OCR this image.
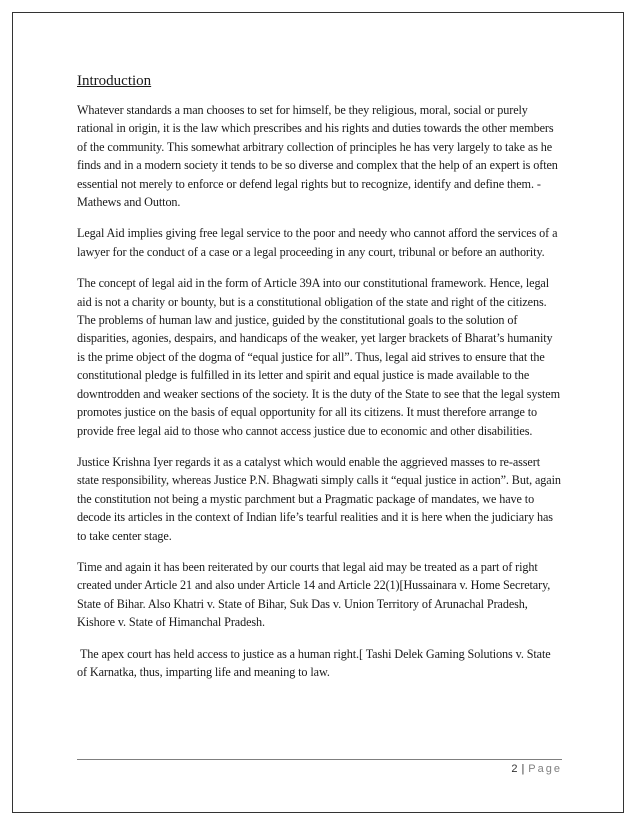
Introduction

Whatever standards a man chooses to set for himself, be they religious, moral, social or purely rational in origin, it is the law which prescribes and his rights and duties towards the other members of the community. This somewhat arbitrary collection of principles he has very largely to take as he finds and in a modern society it tends to be so diverse and complex that the help of an expert is often essential not merely to enforce or defend legal rights but to recognize, identify and define them. -Mathews and Outton.

Legal Aid implies giving free legal service to the poor and needy who cannot afford the services of a lawyer for the conduct of a case or a legal proceeding in any court, tribunal or before an authority.

The concept of legal aid in the form of Article 39A into our constitutional framework. Hence, legal aid is not a charity or bounty, but is a constitutional obligation of the state and right of the citizens. The problems of human law and justice, guided by the constitutional goals to the solution of disparities, agonies, despairs, and handicaps of the weaker, yet larger brackets of Bharat’s humanity is the prime object of the dogma of “equal justice for all”. Thus, legal aid strives to ensure that the constitutional pledge is fulfilled in its letter and spirit and equal justice is made available to the downtrodden and weaker sections of the society. It is the duty of the State to see that the legal system promotes justice on the basis of equal opportunity for all its citizens. It must therefore arrange to provide free legal aid to those who cannot access justice due to economic and other disabilities.

Justice Krishna Iyer regards it as a catalyst which would enable the aggrieved masses to re-assert state responsibility, whereas Justice P.N. Bhagwati simply calls it “equal justice in action”. But, again the constitution not being a mystic parchment but a Pragmatic package of mandates, we have to decode its articles in the context of Indian life’s tearful realities and it is here when the judiciary has to take center stage.

Time and again it has been reiterated by our courts that legal aid may be treated as a part of right created under Article 21 and also under Article 14 and Article 22(1)[Hussainara v. Home Secretary, State of Bihar. Also Khatri v. State of Bihar, Suk Das v. Union Territory of Arunachal Pradesh, Kishore v. State of Himanchal Pradesh.

The apex court has held access to justice as a human right.[ Tashi Delek Gaming Solutions v. State of Karnatka, thus, imparting life and meaning to law.

2 | Page
